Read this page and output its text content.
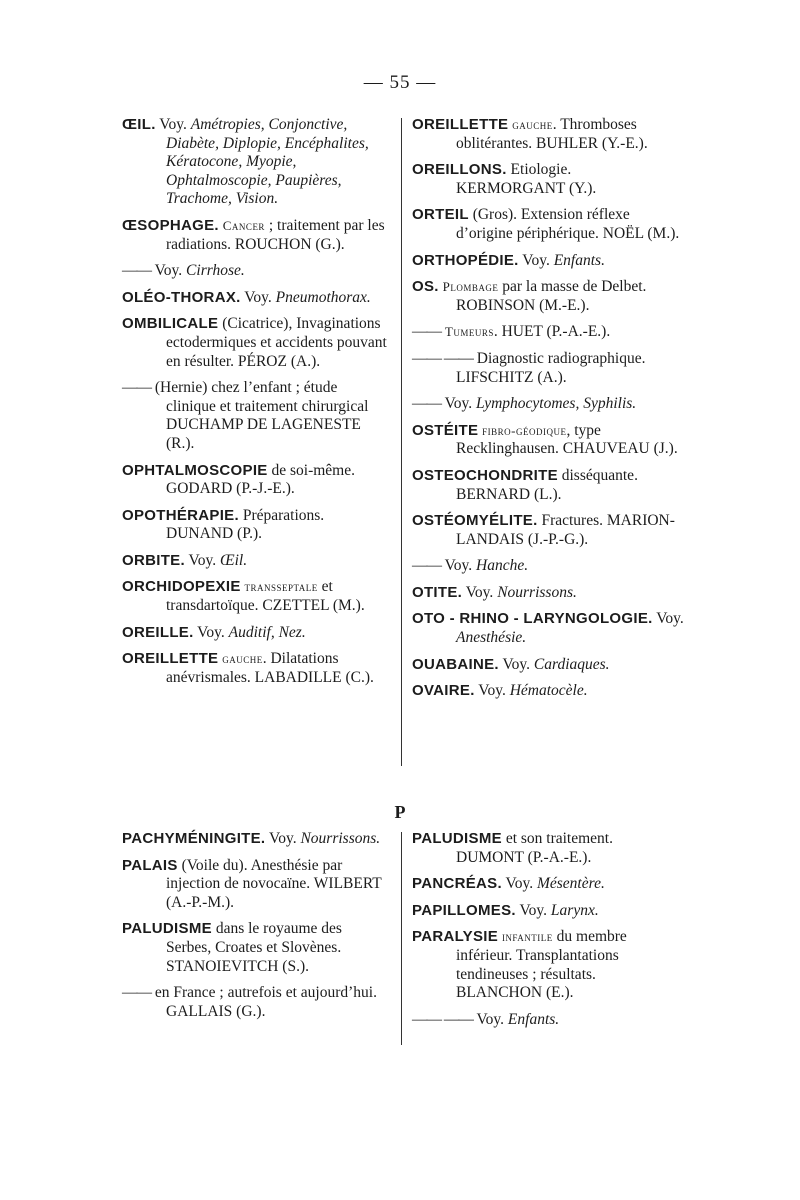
— 55 —

ŒIL. Voy. Amétropies, Conjonctive, Diabète, Diplopie, Encéphalites, Kératocone, Myopie, Ophtalmoscopie, Paupières, Trachome, Vision.

ŒSOPHAGE. Cancer ; traitement par les radiations. ROUCHON (G.).

—— Voy. Cirrhose.

OLÉO-THORAX. Voy. Pneumothorax.

OMBILICALE (Cicatrice), Invaginations ectodermiques et accidents pouvant en résulter. PÉROZ (A.).

—— (Hernie) chez l’enfant ; étude clinique et traitement chirurgical DUCHAMP DE LAGENESTE (R.).

OPHTALMOSCOPIE de soi-même. GODARD (P.-J.-E.).

OPOTHÉRAPIE. Préparations. DUNAND (P.).

ORBITE. Voy. Œil.

ORCHIDOPEXIE transseptale et transdartoïque. CZETTEL (M.).

OREILLE. Voy. Auditif, Nez.

OREILLETTE gauche. Dilatations anévrismales. LABADILLE (C.).

OREILLETTE gauche. Thromboses oblitérantes. BUHLER (Y.-E.).

OREILLONS. Etiologie. KERMORGANT (Y.).

ORTEIL (Gros). Extension réflexe d’origine périphérique. NOËL (M.).

ORTHOPÉDIE. Voy. Enfants.

OS. Plombage par la masse de Delbet. ROBINSON (M.-E.).

—— Tumeurs. HUET (P.-A.-E.).

—— —— Diagnostic radiographique. LIFSCHITZ (A.).

—— Voy. Lymphocytomes, Syphilis.

OSTÉITE fibro-géodique, type Recklinghausen. CHAUVEAU (J.).

OSTEOCHONDRITE disséquante. BERNARD (L.).

OSTÉOMYÉLITE. Fractures. MARION-LANDAIS (J.-P.-G.).

—— Voy. Hanche.

OTITE. Voy. Nourrissons.

OTO - RHINO - LARYNGOLOGIE. Voy. Anesthésie.

OUABAINE. Voy. Cardiaques.

OVAIRE. Voy. Hématocèle.

P

PACHYMÉNINGITE. Voy. Nourrissons.

PALAIS (Voile du). Anesthésie par injection de novocaïne. WILBERT (A.-P.-M.).

PALUDISME dans le royaume des Serbes, Croates et Slovènes. STANOIEVITCH (S.).

—— en France ; autrefois et aujourd’hui. GALLAIS (G.).

PALUDISME et son traitement. DUMONT (P.-A.-E.).

PANCRÉAS. Voy. Mésentère.

PAPILLOMES. Voy. Larynx.

PARALYSIE infantile du membre inférieur. Transplantations tendineuses ; résultats. BLANCHON (E.).

—— —— Voy. Enfants.
